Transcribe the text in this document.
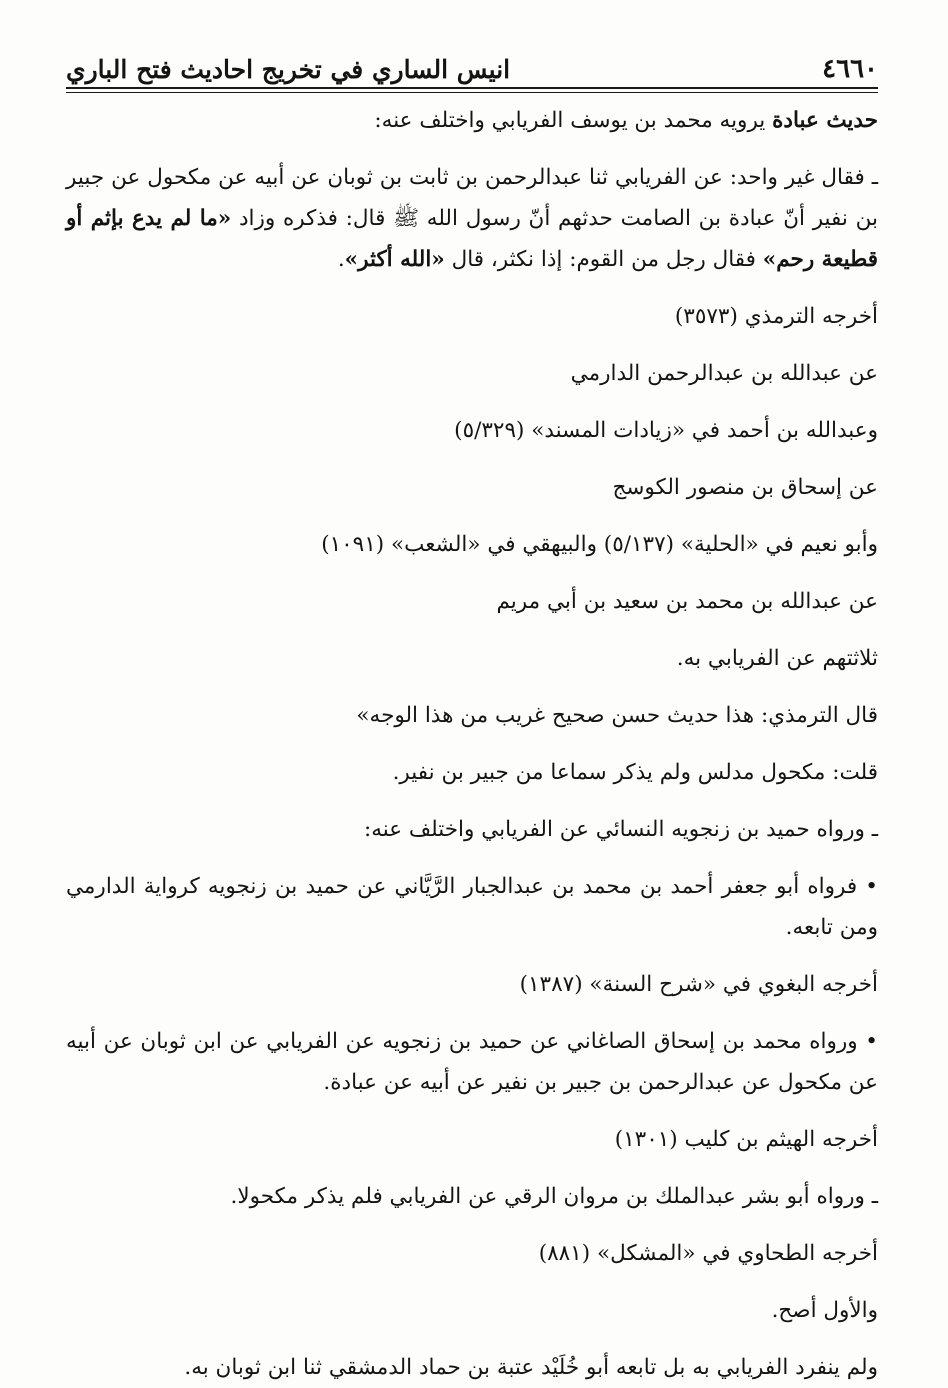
٤٦٦٠
انيس الساري في تخريج احاديث فتح الباري

حديث عبادة يرويه محمد بن يوسف الفريابي واختلف عنه:

ـ فقال غير واحد: عن الفريابي ثنا عبدالرحمن بن ثابت بن ثوبان عن أبيه عن مكحول عن جبير بن نفير أنّ عبادة بن الصامت حدثهم أنّ رسول الله ﷺ قال: فذكره وزاد «ما لم يدع بإثم أو قطيعة رحم» فقال رجل من القوم: إذا نكثر، قال «الله أكثر».

أخرجه الترمذي (٣٥٧٣)

عن عبدالله بن عبدالرحمن الدارمي

وعبدالله بن أحمد في «زيادات المسند» (٥/٣٢٩)

عن إسحاق بن منصور الكوسج

وأبو نعيم في «الحلية» (٥/١٣٧) والبيهقي في «الشعب» (١٠٩١)

عن عبدالله بن محمد بن سعيد بن أبي مريم

ثلاثتهم عن الفريابي به.

قال الترمذي: هذا حديث حسن صحيح غريب من هذا الوجه»

قلت: مكحول مدلس ولم يذكر سماعا من جبير بن نفير.

ـ ورواه حميد بن زنجويه النسائي عن الفريابي واختلف عنه:

• فرواه أبو جعفر أحمد بن محمد بن عبدالجبار الرَّيَّاني عن حميد بن زنجويه كرواية الدارمي ومن تابعه.

أخرجه البغوي في «شرح السنة» (١٣٨٧)

• ورواه محمد بن إسحاق الصاغاني عن حميد بن زنجويه عن الفريابي عن ابن ثوبان عن أبيه عن مكحول عن عبدالرحمن بن جبير بن نفير عن أبيه عن عبادة.

أخرجه الهيثم بن كليب (١٣٠١)

ـ ورواه أبو بشر عبدالملك بن مروان الرقي عن الفريابي فلم يذكر مكحولا.

أخرجه الطحاوي في «المشكل» (٨٨١)

والأول أصح.

ولم ينفرد الفريابي به بل تابعه أبو خُلَيْد عتبة بن حماد الدمشقي ثنا ابن ثوبان به.
